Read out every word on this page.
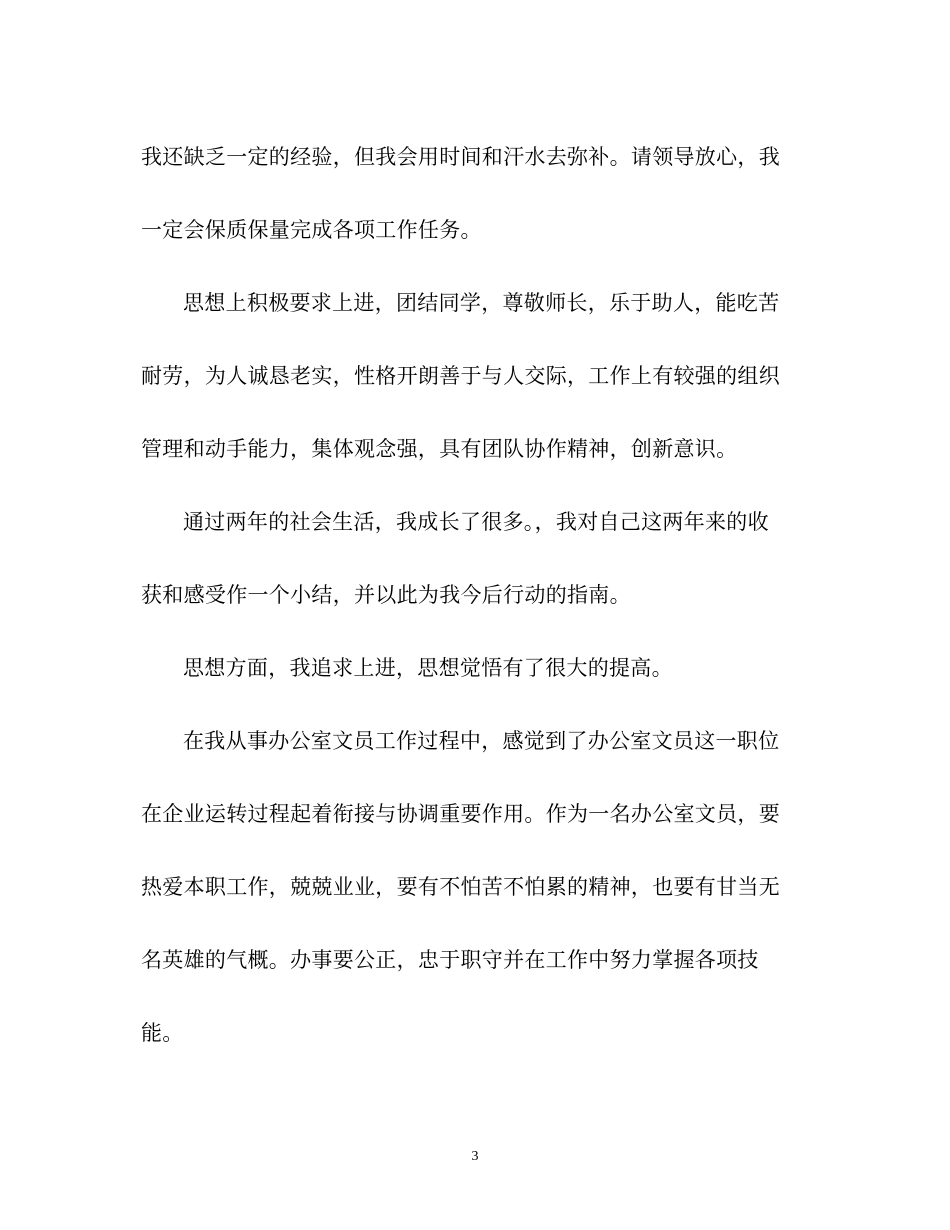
我还缺乏一定的经验，但我会用时间和汗水去弥补。请领导放心，我
一定会保质保量完成各项工作任务。
思想上积极要求上进，团结同学，尊敬师长，乐于助人，能吃苦
耐劳，为人诚恳老实，性格开朗善于与人交际，工作上有较强的组织
管理和动手能力，集体观念强，具有团队协作精神，创新意识。
通过两年的社会生活，我成长了很多。，我对自己这两年来的收
获和感受作一个小结，并以此为我今后行动的指南。
思想方面，我追求上进，思想觉悟有了很大的提高。
在我从事办公室文员工作过程中，感觉到了办公室文员这一职位
在企业运转过程起着衔接与协调重要作用。作为一名办公室文员，要
热爱本职工作，兢兢业业，要有不怕苦不怕累的精神，也要有甘当无
名英雄的气概。办事要公正，忠于职守并在工作中努力掌握各项技
能。
3
